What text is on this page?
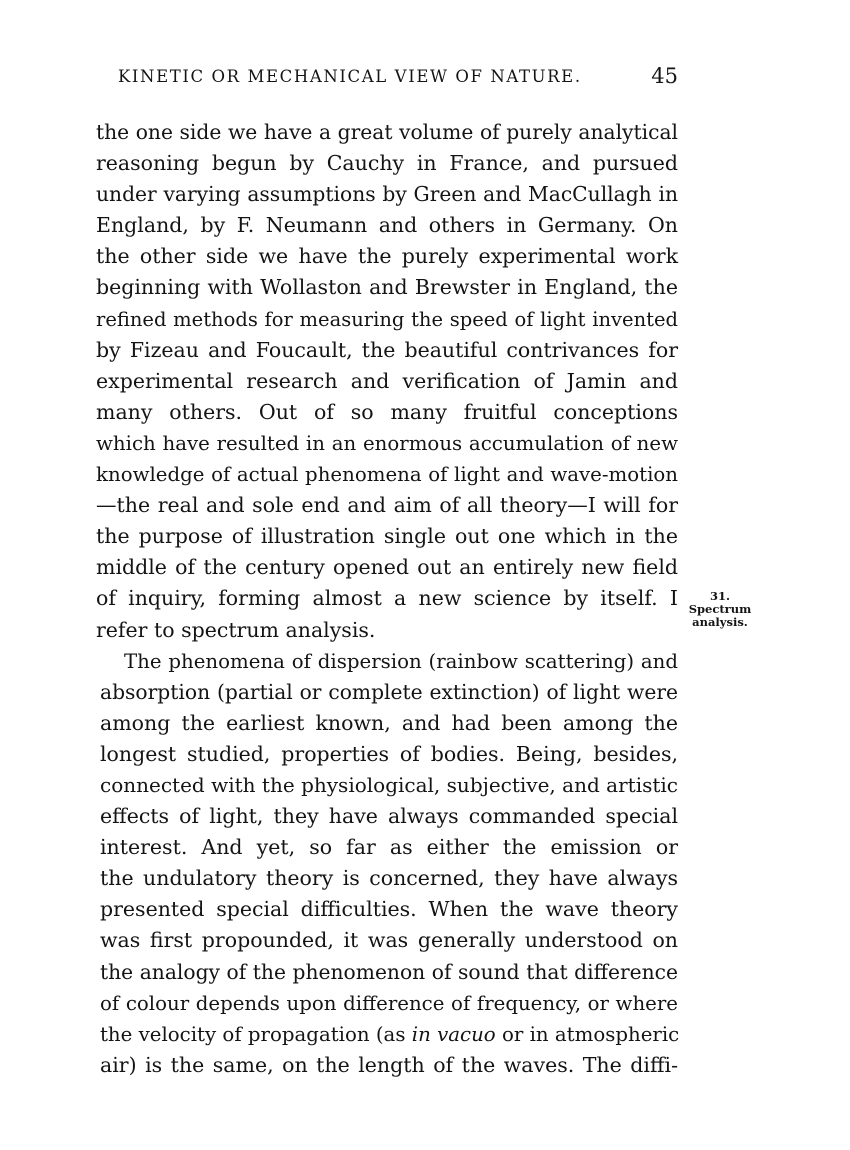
KINETIC OR MECHANICAL VIEW OF NATURE.	45
the one side we have a great volume of purely analytical
reasoning begun by Cauchy in France, and pursued
under varying assumptions by Green and MacCullagh in
England, by F. Neumann and others in Germany. On
the other side we have the purely experimental work
beginning with Wollaston and Brewster in England, the
refined methods for measuring the speed of light invented
by Fizeau and Foucault, the beautiful contrivances for
experimental research and verification of Jamin and
many others. Out of so many fruitful conceptions
which have resulted in an enormous accumulation of new
knowledge of actual phenomena of light and wave-motion
—the real and sole end and aim of all theory—I will for
the purpose of illustration single out one which in the
middle of the century opened out an entirely new field
of inquiry, forming almost a new science by itself. I
refer to spectrum analysis.
The phenomena of dispersion (rainbow scattering) and
absorption (partial or complete extinction) of light were
among the earliest known, and had been among the
longest studied, properties of bodies. Being, besides,
connected with the physiological, subjective, and artistic
effects of light, they have always commanded special
interest. And yet, so far as either the emission or
the undulatory theory is concerned, they have always
presented special difficulties. When the wave theory
was first propounded, it was generally understood on
the analogy of the phenomenon of sound that difference
of colour depends upon difference of frequency, or where
the velocity of propagation (as in vacuo or in atmospheric
air) is the same, on the length of the waves. The diffi-
31.
Spectrum
analysis.
